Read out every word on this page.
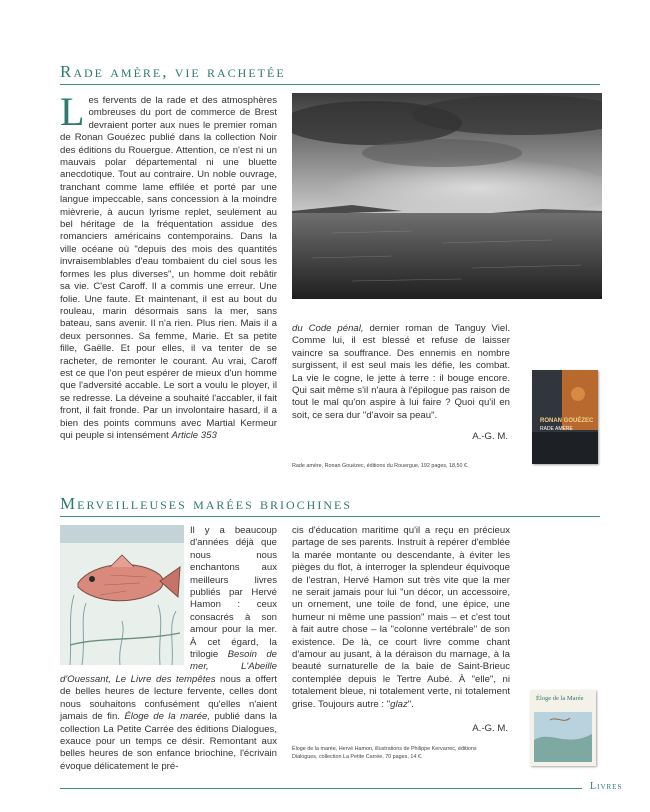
Rade amère, vie rachetée

Les fervents de la rade et des atmosphères ombreuses du port de commerce de Brest devraient porter aux nues le premier roman de Ronan Gouézec publié dans la collection Noir des éditions du Rouergue. Attention, ce n'est ni un mauvais polar départemental ni une bluette anecdotique. Tout au contraire. Un noble ouvrage, tranchant comme lame effilée et porté par une langue impeccable, sans concession à la moindre mièvrerie, à aucun lyrisme replet, seulement au bel héritage de la fréquentation assidue des romanciers américains contemporains. Dans la ville océane où "depuis des mois des quantités invraisemblables d'eau tombaient du ciel sous les formes les plus diverses", un homme doit rebâtir sa vie. C'est Caroff. Il a commis une erreur. Une folie. Une faute. Et maintenant, il est au bout du rouleau, marin désormais sans la mer, sans bateau, sans avenir. Il n'a rien. Plus rien. Mais il a deux personnes. Sa femme, Marie. Et sa petite fille, Gaëlle. Et pour elles, il va tenter de se racheter, de remonter le courant. Au vrai, Caroff est ce que l'on peut espérer de mieux d'un homme que l'adversité accable. Le sort a voulu le ployer, il se redresse. La déveine a souhaité l'accabler, il fait front, il fait fronde. Par un involontaire hasard, il a bien des points communs avec Martial Kermeur qui peuple si intensément Article 353

du Code pénal, dernier roman de Tanguy Viel. Comme lui, il est blessé et refuse de laisser vaincre sa souffrance. Des ennemis en nombre surgissent, il est seul mais les défie, les combat. La vie le cogne, le jette à terre : il bouge encore. Qui sait même s'il n'aura à l'épilogue pas raison de tout le mal qu'on aspire à lui faire ? Quoi qu'il en soit, ce sera dur "d'avoir sa peau".

A.-G. M.
RONAN GOUÉZEC
RADE AMÈRE
Rade amère, Ronan Gouézec, éditions du Rouergue, 192 pages, 18,50 €.
Merveilleuses marées briochines

Il y a beaucoup d'années déjà que nous nous enchantons aux meilleurs livres publiés par Hervé Hamon : ceux consacrés à son amour pour la mer. À cet égard, la trilogie Besoin de mer, L'Abeille d'Ouessant, Le Livre des tempêtes nous a offert de belles heures de lecture fervente, celles dont nous souhaitons confusément qu'elles n'aient jamais de fin. Éloge de la marée, publié dans la collection La Petite Carrée des éditions Dialogues, exauce pour un temps ce désir. Remontant aux belles heures de son enfance briochine, l'écrivain évoque délicatement le pré-

cis d'éducation maritime qu'il a reçu en précieux partage de ses parents. Instruit à repérer d'emblée la marée montante ou descendante, à éviter les pièges du flot, à interroger la splendeur équivoque de l'estran, Hervé Hamon sut très vite que la mer ne serait jamais pour lui "un décor, un accessoire, un ornement, une toile de fond, une épice, une humeur ni même une passion" mais – et c'est tout à fait autre chose – la "colonne vertébrale" de son existence. De là, ce court livre comme chant d'amour au jusant, à la déraison du marnage, à la beauté surnaturelle de la baie de Saint-Brieuc contemplée depuis le Tertre Aubé. À "elle", ni totalement bleue, ni totalement verte, ni totalement grise. Toujours autre : "glaz".

A.-G. M.
Éloge de la Marée
Éloge de la marée, Hervé Hamon, illustrations de Philippe Kervarrec, éditions Dialogues, collection La Petite Carrée, 70 pages, 14 €.
Livres
